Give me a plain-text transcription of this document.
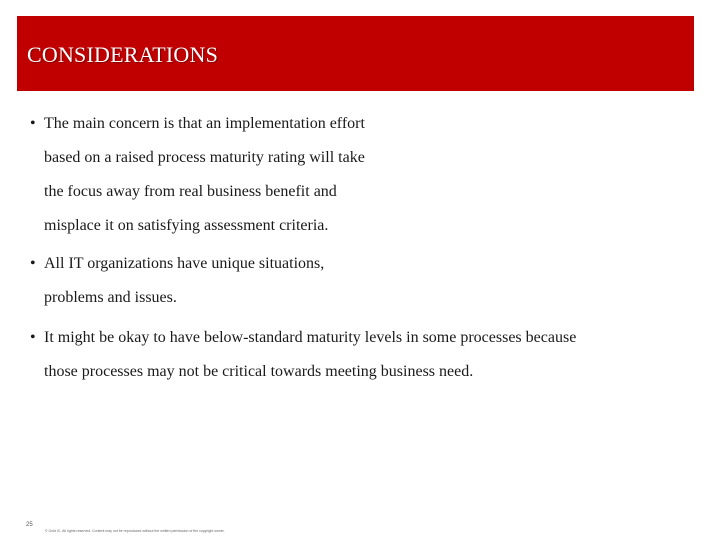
CONSIDERATIONS
• The main concern is that an implementation effort
based on a raised process maturity rating will take
the focus away from real business benefit and
misplace it on satisfying assessment criteria.
• All IT organizations have unique situations,
problems and issues.
• It might be okay to have below-standard maturity levels in some processes because
those processes may not be critical towards meeting business need.
25
© Gold IC. All rights reserved. Content may not be reproduced without the written permission of the copyright owner.
